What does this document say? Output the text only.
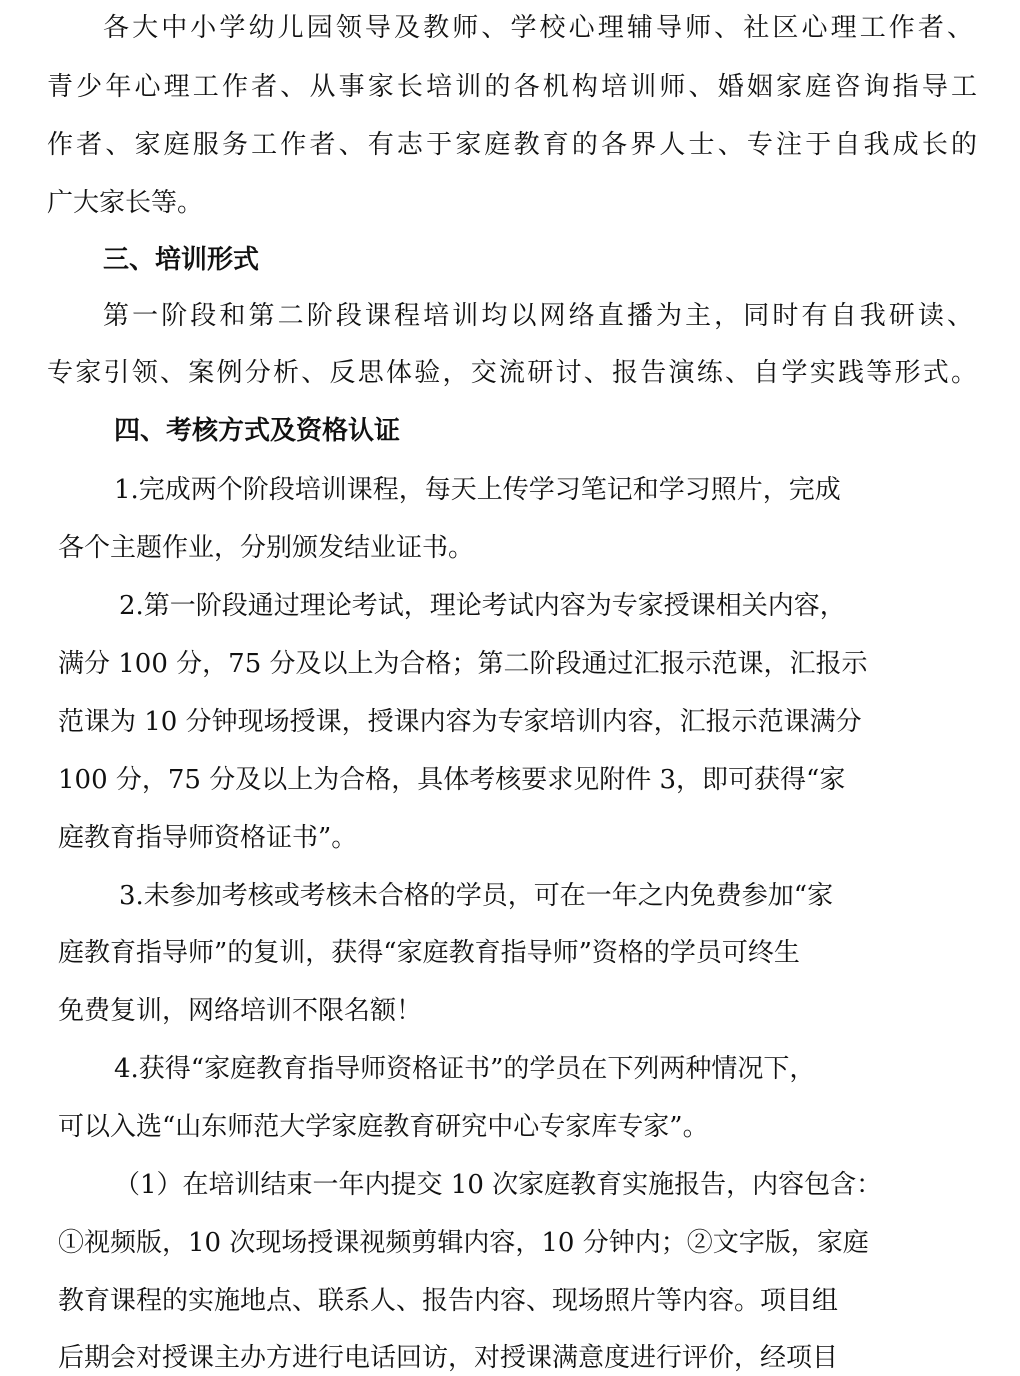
各大中小学幼儿园领导及教师、学校心理辅导师、社区心理工作者、
青少年心理工作者、从事家长培训的各机构培训师、婚姻家庭咨询指导工
作者、家庭服务工作者、有志于家庭教育的各界人士、专注于自我成长的
广大家长等。
三、培训形式
第一阶段和第二阶段课程培训均以网络直播为主，同时有自我研读、
专家引领、案例分析、反思体验，交流研讨、报告演练、自学实践等形式。
四、考核方式及资格认证
1.完成两个阶段培训课程，每天上传学习笔记和学习照片，完成
各个主题作业，分别颁发结业证书。
2.第一阶段通过理论考试，理论考试内容为专家授课相关内容，
满分 100 分，75 分及以上为合格；第二阶段通过汇报示范课，汇报示
范课为 10 分钟现场授课，授课内容为专家培训内容，汇报示范课满分
100 分，75 分及以上为合格，具体考核要求见附件 3，即可获得“家
庭教育指导师资格证书”。
3.未参加考核或考核未合格的学员，可在一年之内免费参加“家
庭教育指导师”的复训，获得“家庭教育指导师”资格的学员可终生
免费复训，网络培训不限名额！
4.获得“家庭教育指导师资格证书”的学员在下列两种情况下，
可以入选“山东师范大学家庭教育研究中心专家库专家”。
（1）在培训结束一年内提交 10 次家庭教育实施报告，内容包含：
①视频版，10 次现场授课视频剪辑内容，10 分钟内；②文字版，家庭
教育课程的实施地点、联系人、报告内容、现场照片等内容。项目组
后期会对授课主办方进行电话回访，对授课满意度进行评价，经项目
